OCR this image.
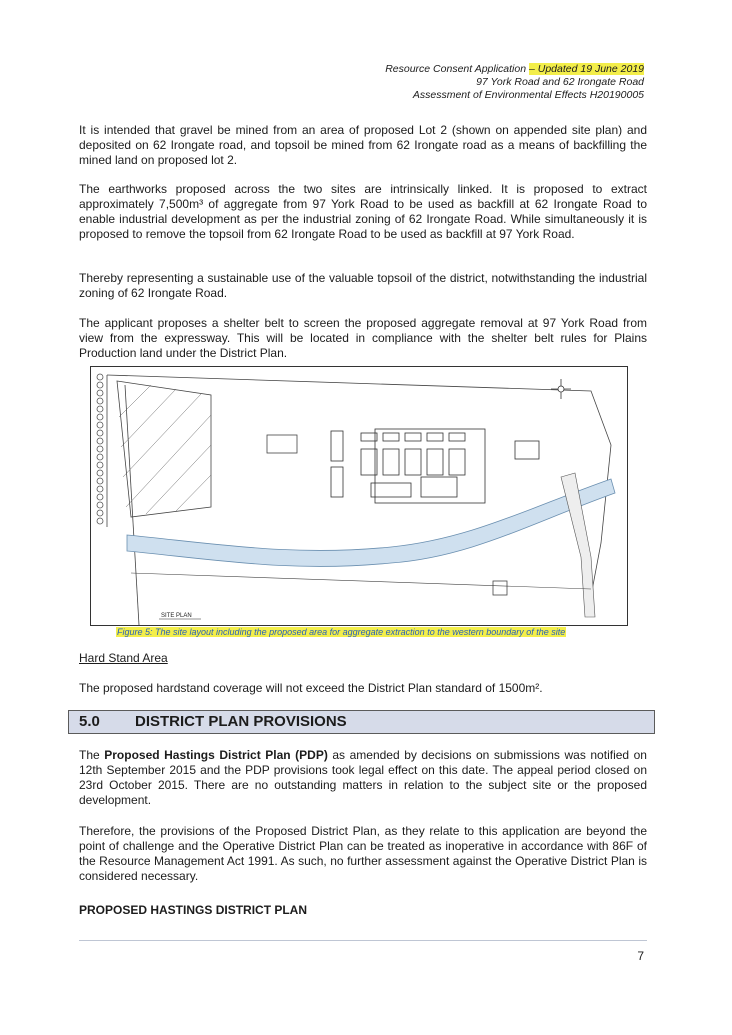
Resource Consent Application – Updated 19 June 2019
97 York Road and 62 Irongate Road
Assessment of Environmental Effects H20190005

It is intended that gravel be mined from an area of proposed Lot 2 (shown on appended site plan) and deposited on 62 Irongate road, and topsoil be mined from 62 Irongate road as a means of backfilling the mined land on proposed lot 2.

The earthworks proposed across the two sites are intrinsically linked. It is proposed to extract approximately 7,500m³ of aggregate from 97 York Road to be used as backfill at 62 Irongate Road to enable industrial development as per the industrial zoning of 62 Irongate Road. While simultaneously it is proposed to remove the topsoil from 62 Irongate Road to be used as backfill at 97 York Road.

Thereby representing a sustainable use of the valuable topsoil of the district, notwithstanding the industrial zoning of 62 Irongate Road.

The applicant proposes a shelter belt to screen the proposed aggregate removal at 97 York Road from view from the expressway. This will be located in compliance with the shelter belt rules for Plains Production land under the District Plan.

SITE PLAN
Figure 5: The site layout including the proposed area for aggregate extraction to the western boundary of the site
Hard Stand Area

The proposed hardstand coverage will not exceed the District Plan standard of 1500m².

5.0 DISTRICT PLAN PROVISIONS

The Proposed Hastings District Plan (PDP) as amended by decisions on submissions was notified on 12th September 2015 and the PDP provisions took legal effect on this date. The appeal period closed on 23rd October 2015. There are no outstanding matters in relation to the subject site or the proposed development.

Therefore, the provisions of the Proposed District Plan, as they relate to this application are beyond the point of challenge and the Operative District Plan can be treated as inoperative in accordance with 86F of the Resource Management Act 1991. As such, no further assessment against the Operative District Plan is considered necessary.

PROPOSED HASTINGS DISTRICT PLAN
7
